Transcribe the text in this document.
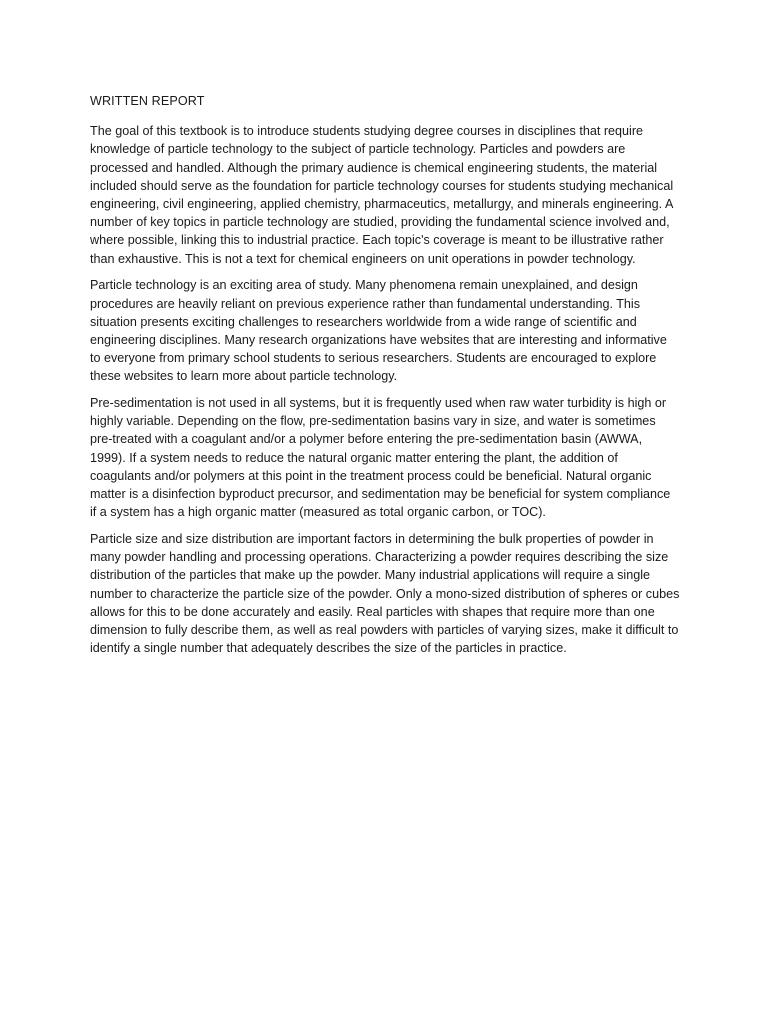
WRITTEN REPORT

The goal of this textbook is to introduce students studying degree courses in disciplines that require knowledge of particle technology to the subject of particle technology. Particles and powders are processed and handled. Although the primary audience is chemical engineering students, the material included should serve as the foundation for particle technology courses for students studying mechanical engineering, civil engineering, applied chemistry, pharmaceutics, metallurgy, and minerals engineering. A number of key topics in particle technology are studied, providing the fundamental science involved and, where possible, linking this to industrial practice. Each topic's coverage is meant to be illustrative rather than exhaustive. This is not a text for chemical engineers on unit operations in powder technology.

Particle technology is an exciting area of study. Many phenomena remain unexplained, and design procedures are heavily reliant on previous experience rather than fundamental understanding. This situation presents exciting challenges to researchers worldwide from a wide range of scientific and engineering disciplines. Many research organizations have websites that are interesting and informative to everyone from primary school students to serious researchers. Students are encouraged to explore these websites to learn more about particle technology.

Pre-sedimentation is not used in all systems, but it is frequently used when raw water turbidity is high or highly variable. Depending on the flow, pre-sedimentation basins vary in size, and water is sometimes pre-treated with a coagulant and/or a polymer before entering the pre-sedimentation basin (AWWA, 1999). If a system needs to reduce the natural organic matter entering the plant, the addition of coagulants and/or polymers at this point in the treatment process could be beneficial. Natural organic matter is a disinfection byproduct precursor, and sedimentation may be beneficial for system compliance if a system has a high organic matter (measured as total organic carbon, or TOC).

Particle size and size distribution are important factors in determining the bulk properties of powder in many powder handling and processing operations. Characterizing a powder requires describing the size distribution of the particles that make up the powder. Many industrial applications will require a single number to characterize the particle size of the powder. Only a mono-sized distribution of spheres or cubes allows for this to be done accurately and easily. Real particles with shapes that require more than one dimension to fully describe them, as well as real powders with particles of varying sizes, make it difficult to identify a single number that adequately describes the size of the particles in practice.
